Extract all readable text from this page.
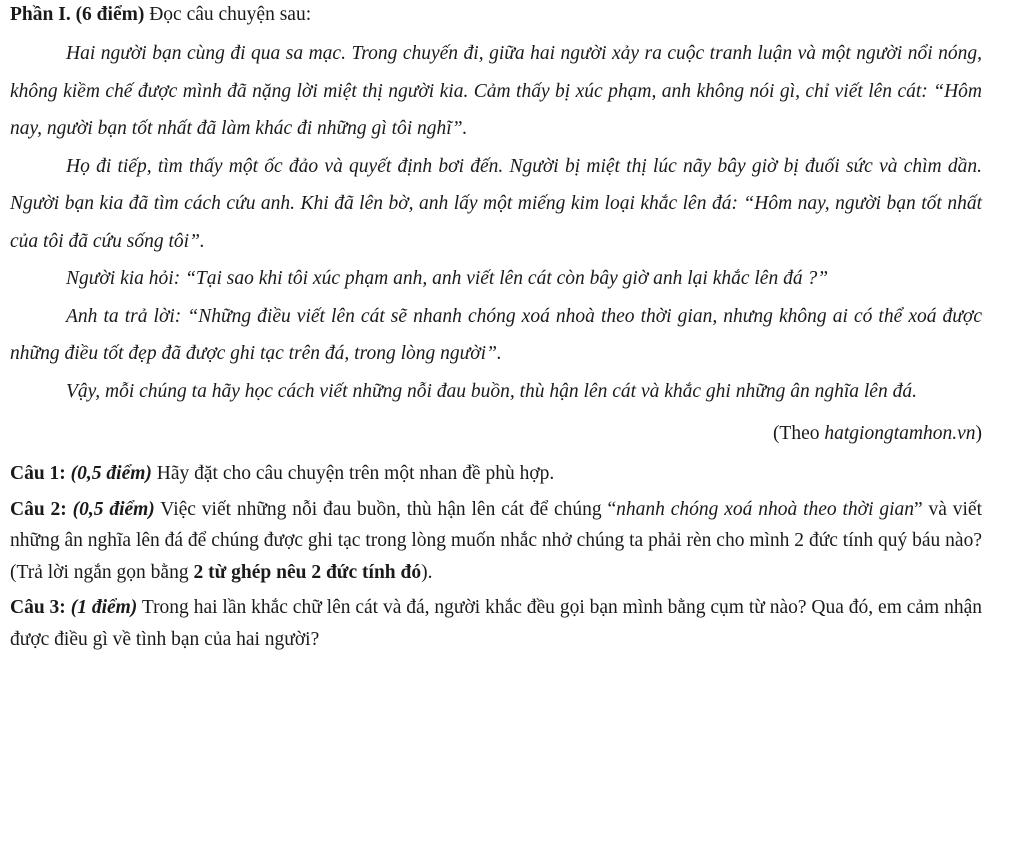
Phần I. (6 điểm) Đọc câu chuyện sau:

Hai người bạn cùng đi qua sa mạc. Trong chuyến đi, giữa hai người xảy ra cuộc tranh luận và một người nổi nóng, không kiềm chế được mình đã nặng lời miệt thị người kia. Cảm thấy bị xúc phạm, anh không nói gì, chỉ viết lên cát: “Hôm nay, người bạn tốt nhất đã làm khác đi những gì tôi nghĩ”.

Họ đi tiếp, tìm thấy một ốc đảo và quyết định bơi đến. Người bị miệt thị lúc nãy bây giờ bị đuối sức và chìm dần. Người bạn kia đã tìm cách cứu anh. Khi đã lên bờ, anh lấy một miếng kim loại khắc lên đá: “Hôm nay, người bạn tốt nhất của tôi đã cứu sống tôi”.

Người kia hỏi: “Tại sao khi tôi xúc phạm anh, anh viết lên cát còn bây giờ anh lại khắc lên đá ?”

Anh ta trả lời: “Những điều viết lên cát sẽ nhanh chóng xoá nhoà theo thời gian, nhưng không ai có thể xoá được những điều tốt đẹp đã được ghi tạc trên đá, trong lòng người”.

Vậy, mỗi chúng ta hãy học cách viết những nỗi đau buồn, thù hận lên cát và khắc ghi những ân nghĩa lên đá.

(Theo hatgiongtamhon.vn)

Câu 1: (0,5 điểm) Hãy đặt cho câu chuyện trên một nhan đề phù hợp.

Câu 2: (0,5 điểm) Việc viết những nỗi đau buồn, thù hận lên cát để chúng “nhanh chóng xoá nhoà theo thời gian” và viết những ân nghĩa lên đá để chúng được ghi tạc trong lòng muốn nhắc nhở chúng ta phải rèn cho mình 2 đức tính quý báu nào? (Trả lời ngắn gọn bằng 2 từ ghép nêu 2 đức tính đó).

Câu 3: (1 điểm) Trong hai lần khắc chữ lên cát và đá, người khắc đều gọi bạn mình bằng cụm từ nào? Qua đó, em cảm nhận được điều gì về tình bạn của hai người?
